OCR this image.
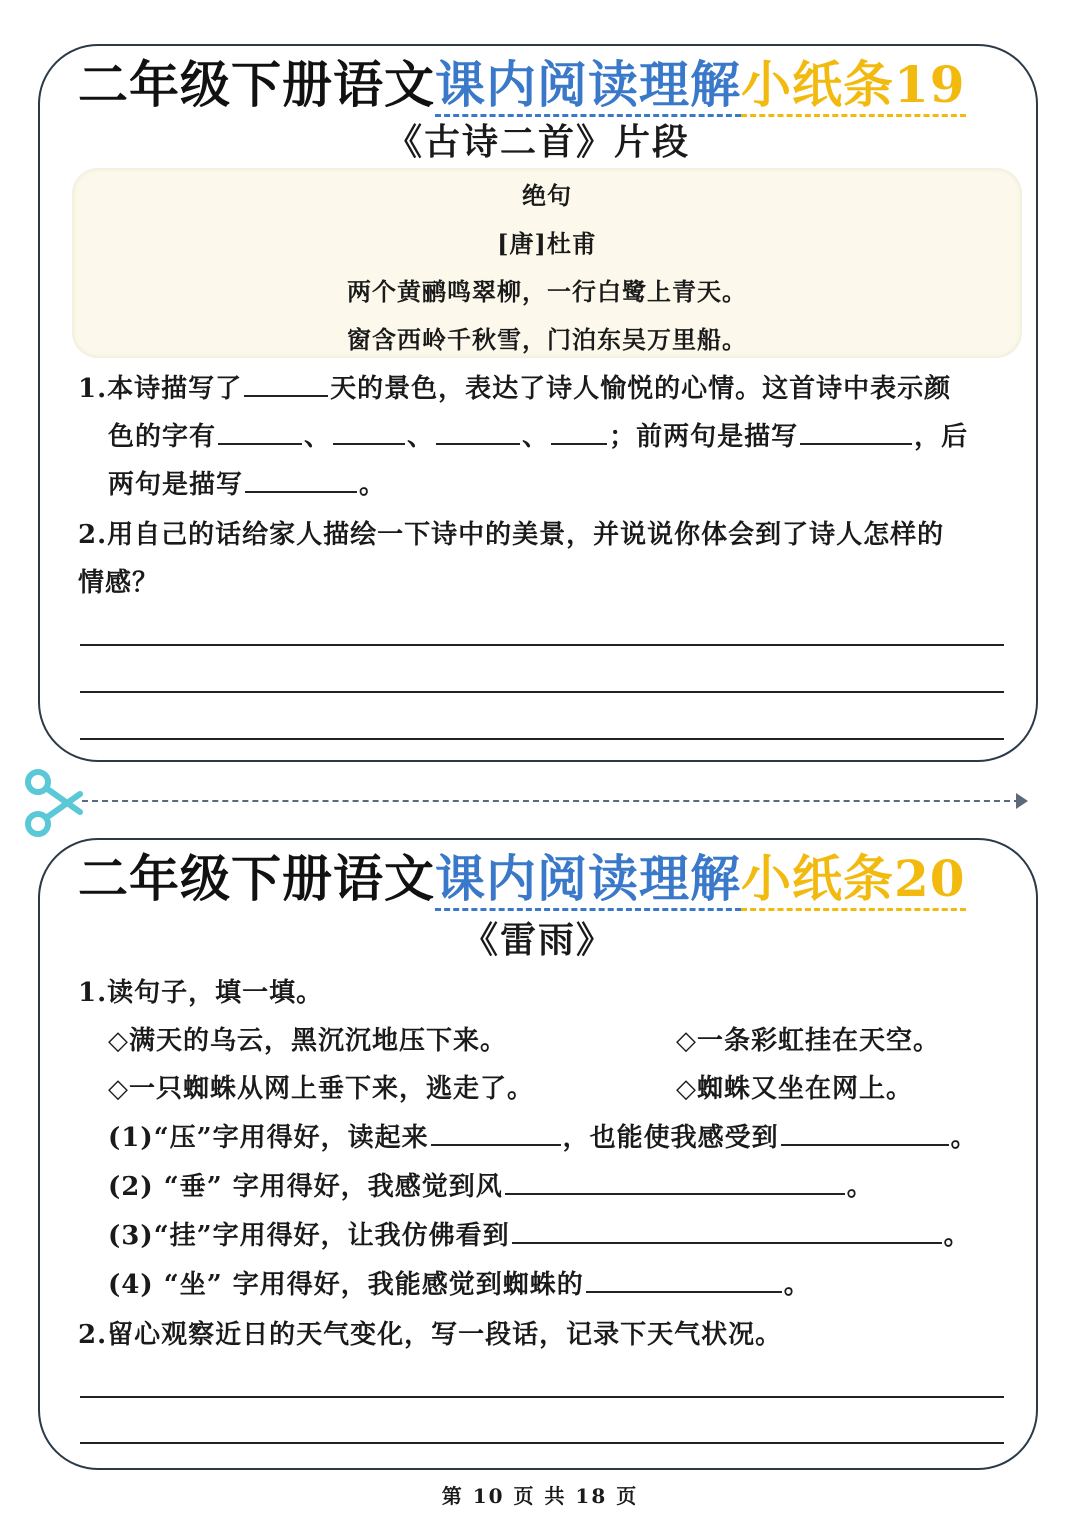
二年级下册语文课内阅读理解小纸条19
《古诗二首》片段
绝句
[唐]杜甫
两个黄鹂鸣翠柳，一行白鹭上青天。
窗含西岭千秋雪，门泊东吴万里船。
1.本诗描写了	天的景色，表达了诗人愉悦的心情。这首诗中表示颜
色的字有	、	、	、 ；前两句是描写	，后
两句是描写	。
2.用自己的话给家人描绘一下诗中的美景，并说说你体会到了诗人怎样的
情感？
二年级下册语文课内阅读理解小纸条20
《雷雨》
1.读句子，填一填。
◇满天的乌云，黑沉沉地压下来。	◇一条彩虹挂在天空。
◇一只蜘蛛从网上垂下来，逃走了。	◇蜘蛛又坐在网上。
(1)“压”字用得好，读起来	，也能使我感受到	。
(2) “垂” 字用得好，我感觉到风	。
(3)“挂”字用得好，让我仿佛看到	。
(4) “坐” 字用得好，我能感觉到蜘蛛的	。
2.留心观察近日的天气变化，写一段话，记录下天气状况。
第 10 页 共 18 页
